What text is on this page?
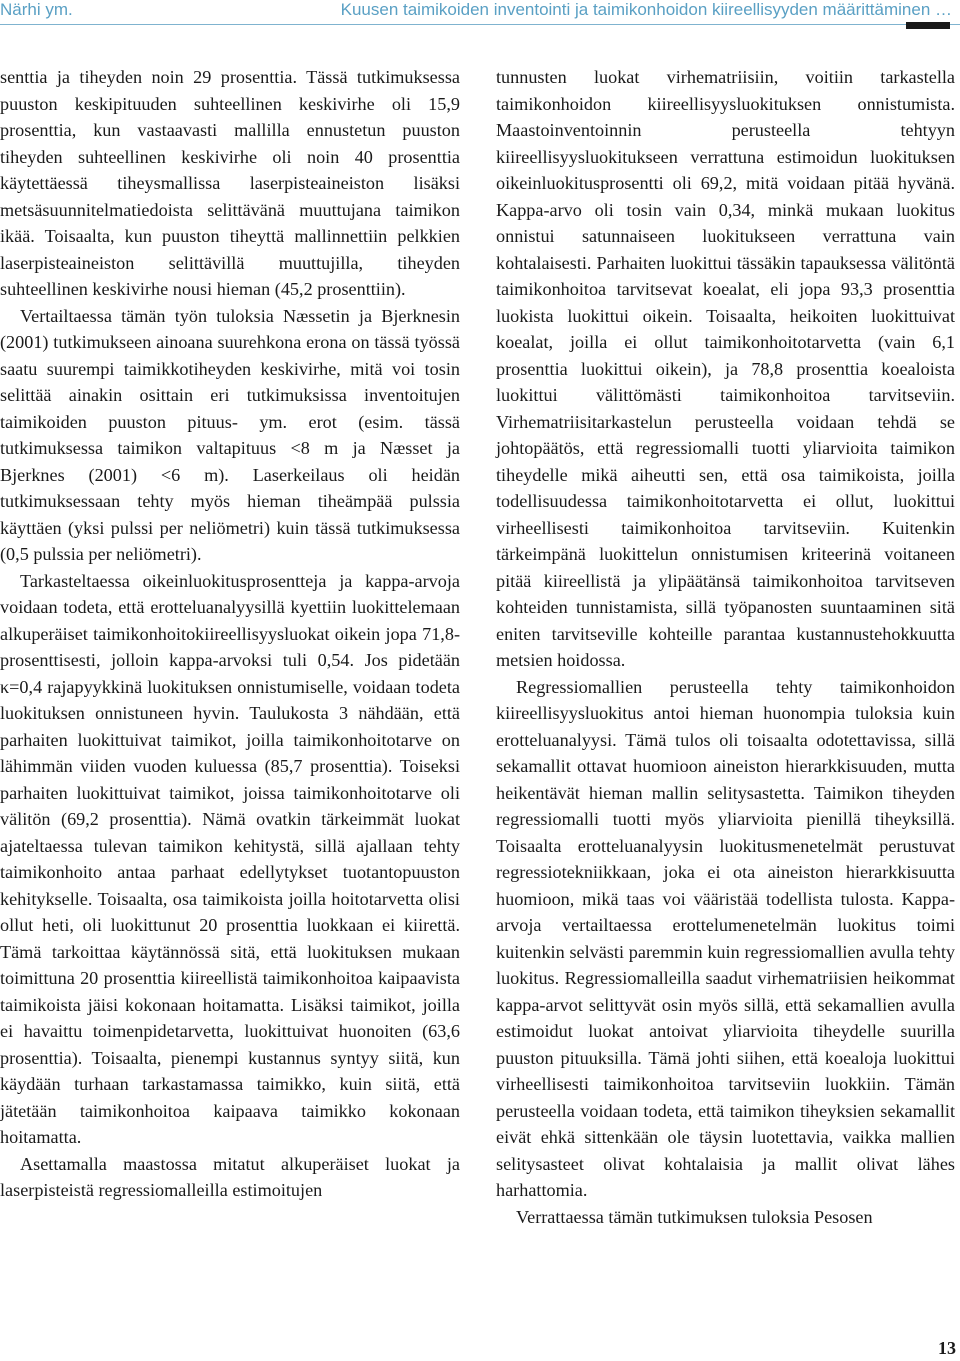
Närhi ym.	Kuusen taimikoiden inventointi ja taimikonhoidon kiireellisyyden määrittäminen …

senttia ja tiheyden noin 29 prosenttia. Tässä tutkimuksessa puuston keskipituuden suhteellinen keskivirhe oli 15,9 prosenttia, kun vastaavasti mallilla ennustetun puuston tiheyden suhteellinen keskivirhe oli noin 40 prosenttia käytettäessä tiheysmallissa laserpisteaineiston lisäksi metsäsuunnitelmatiedoista selittävänä muuttujana taimikon ikää. Toisaalta, kun puuston tiheyttä mallinnettiin pelkkien laserpisteaineiston selittävillä muuttujilla, tiheyden suhteellinen keskivirhe nousi hieman (45,2 prosenttiin).

Vertailtaessa tämän työn tuloksia Næssetin ja Bjerknesin (2001) tutkimukseen ainoana suurehkona erona on tässä työssä saatu suurempi taimikkotiheyden keskivirhe, mitä voi tosin selittää ainakin osittain eri tutkimuksissa inventoitujen taimikoiden puuston pituus- ym. erot (esim. tässä tutkimuksessa taimikon valtapituus <8 m ja Næsset ja Bjerknes (2001) <6 m). Laserkeilaus oli heidän tutkimuksessaan tehty myös hieman tiheämpää pulssia käyttäen (yksi pulssi per neliömetri) kuin tässä tutkimuksessa (0,5 pulssia per neliömetri).

Tarkasteltaessa oikeinluokitusprosentteja ja kappa-arvoja voidaan todeta, että erotteluanalyysillä kyettiin luokittelemaan alkuperäiset taimikonhoitokiireellisyysluokat oikein jopa 71,8-prosenttisesti, jolloin kappa-arvoksi tuli 0,54. Jos pidetään κ=0,4 rajapyykkinä luokituksen onnistumiselle, voidaan todeta luokituksen onnistuneen hyvin. Taulukosta 3 nähdään, että parhaiten luokittuivat taimikot, joilla taimikonhoitotarve on lähimmän viiden vuoden kuluessa (85,7 prosenttia). Toiseksi parhaiten luokittuivat taimikot, joissa taimikonhoitotarve oli välitön (69,2 prosenttia). Nämä ovatkin tärkeimmät luokat ajateltaessa tulevan taimikon kehitystä, sillä ajallaan tehty taimikonhoito antaa parhaat edellytykset tuotantopuuston kehitykselle. Toisaalta, osa taimikoista joilla hoitotarvetta olisi ollut heti, oli luokittunut 20 prosenttia luokkaan ei kiirettä. Tämä tarkoittaa käytännössä sitä, että luokituksen mukaan toimittuna 20 prosenttia kiireellistä taimikonhoitoa kaipaavista taimikoista jäisi kokonaan hoitamatta. Lisäksi taimikot, joilla ei havaittu toimenpidetarvetta, luokittuivat huonoiten (63,6 prosenttia). Toisaalta, pienempi kustannus syntyy siitä, kun käydään turhaan tarkastamassa taimikko, kuin siitä, että jätetään taimikonhoitoa kaipaava taimikko kokonaan hoitamatta.

Asettamalla maastossa mitatut alkuperäiset luokat ja laserpisteistä regressiomalleilla estimoitujen

tunnusten luokat virhematriisiin, voitiin tarkastella taimikonhoidon kiireellisyysluokituksen onnistumista. Maastoinventoinnin perusteella tehtyyn kiireellisyysluokitukseen verrattuna estimoidun luokituksen oikeinluokitusprosentti oli 69,2, mitä voidaan pitää hyvänä. Kappa-arvo oli tosin vain 0,34, minkä mukaan luokitus onnistui satunnaiseen luokitukseen verrattuna vain kohtalaisesti. Parhaiten luokittui tässäkin tapauksessa välitöntä taimikonhoitoa tarvitsevat koealat, eli jopa 93,3 prosenttia luokista luokittui oikein. Toisaalta, heikoiten luokittuivat koealat, joilla ei ollut taimikonhoitotarvetta (vain 6,1 prosenttia luokittui oikein), ja 78,8 prosenttia koealoista luokittui välittömästi taimikonhoitoa tarvitseviin. Virhematriisitarkastelun perusteella voidaan tehdä se johtopäätös, että regressiomalli tuotti yliarvioita taimikon tiheydelle mikä aiheutti sen, että osa taimikoista, joilla todellisuudessa taimikonhoitotarvetta ei ollut, luokittui virheellisesti taimikonhoitoa tarvitseviin. Kuitenkin tärkeimpänä luokittelun onnistumisen kriteerinä voitaneen pitää kiireellistä ja ylipäätänsä taimikonhoitoa tarvitseven kohteiden tunnistamista, sillä työpanosten suuntaaminen sitä eniten tarvitseville kohteille parantaa kustannustehokkuutta metsien hoidossa.

Regressiomallien perusteella tehty taimikonhoidon kiireellisyysluokitus antoi hieman huonompia tuloksia kuin erotteluanalyysi. Tämä tulos oli toisaalta odotettavissa, sillä sekamallit ottavat huomioon aineiston hierarkkisuuden, mutta heikentävät hieman mallin selitysastetta. Taimikon tiheyden regressiomalli tuotti myös yliarvioita pienillä tiheyksillä. Toisaalta erotteluanalyysin luokitusmenetelmät perustuvat regressiotekniikkaan, joka ei ota aineiston hierarkkisuutta huomioon, mikä taas voi vääristää todellista tulosta. Kappa-arvoja vertailtaessa erottelumenetelmän luokitus toimi kuitenkin selvästi paremmin kuin regressiomallien avulla tehty luokitus. Regressiomalleilla saadut virhematriisien heikommat kappa-arvot selittyvät osin myös sillä, että sekamallien avulla estimoidut luokat antoivat yliarvioita tiheydelle suurilla puuston pituuksilla. Tämä johti siihen, että koealoja luokittui virheellisesti taimikonhoitoa tarvitseviin luokkiin. Tämän perusteella voidaan todeta, että taimikon tiheyksien sekamallit eivät ehkä sittenkään ole täysin luotettavia, vaikka mallien selitysasteet olivat kohtalaisia ja mallit olivat lähes harhattomia.

Verrattaessa tämän tutkimuksen tuloksia Pesosen

13
